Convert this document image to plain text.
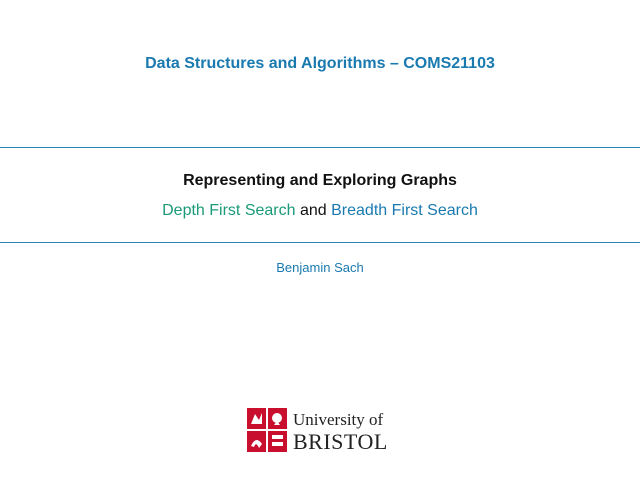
Data Structures and Algorithms – COMS21103
Representing and Exploring Graphs
Depth First Search and Breadth First Search
Benjamin Sach
University of
BRISTOL
